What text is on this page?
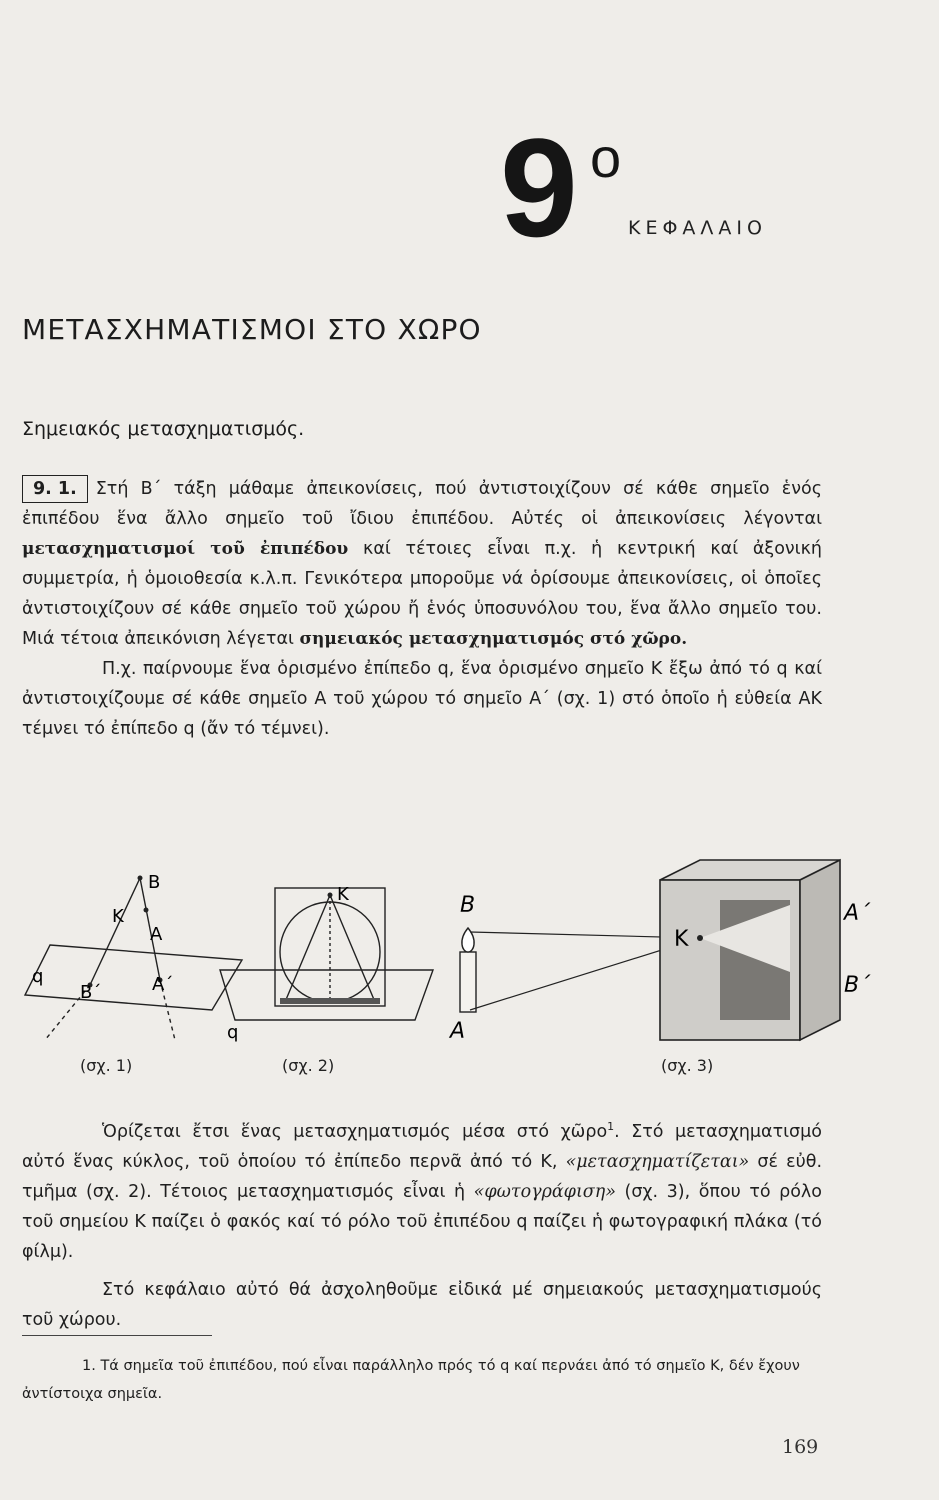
9 ο
ΚΕΦΑΛΑΙΟ
ΜΕΤΑΣΧΗΜΑΤΙΣΜΟΙ ΣΤΟ ΧΩΡΟ
Σημειακός μετασχηματισμός.

9. 1. Στή Β΄ τάξη μάθαμε ἀπεικονίσεις, πού ἀντιστοιχίζουν σέ κάθε σημεῖο ἑνός ἐπιπέδου ἕνα ἄλλο σημεῖο τοῦ ἴδιου ἐπιπέδου. Αὐτές οἱ ἀπεικονίσεις λέγονται μετασχηματισμοί τοῦ ἐπιπέδου καί τέτοιες εἶναι π.χ. ἡ κεντρική καί ἀξονική συμμετρία, ἡ ὁμοιοθεσία κ.λ.π. Γενικότερα μποροῦμε νά ὁρίσουμε ἀπεικονίσεις, οἱ ὁποῖες ἀντιστοιχίζουν σέ κάθε σημεῖο τοῦ χώρου ἤ ἑνός ὑποσυνόλου του, ἕνα ἄλλο σημεῖο του. Μιά τέτοια ἀπεικόνιση λέγεται σημειακός μετασχηματισμός στό χῶρο.

Π.χ. παίρνουμε ἕνα ὁρισμένο ἐπίπεδο q, ἕνα ὁρισμένο σημεῖο Κ ἔξω ἀπό τό q καί ἀντιστοιχίζουμε σέ κάθε σημεῖο Α τοῦ χώρου τό σημεῖο Α΄ (σχ. 1) στό ὁποῖο ἡ εὐθεία ΑΚ τέμνει τό ἐπίπεδο q (ἄν τό τέμνει).

Β
Κ
Α
q
Β΄	Α΄
(σχ. 1)
Κ
q
(σχ. 2)
Β
Α
Κ
Α΄
Β΄
(σχ. 3)

Ὁρίζεται ἔτσι ἕνας μετασχηματισμός μέσα στό χῶρο$^1$. Στό μετασχηματισμό αὐτό ἕνας κύκλος, τοῦ ὁποίου τό ἐπίπεδο περνᾶ ἀπό τό Κ, «μετασχηματίζεται» σέ εὐθ. τμῆμα (σχ. 2). Τέτοιος μετασχηματισμός εἶναι ἡ «φωτογράφιση» (σχ. 3), ὅπου τό ρόλο τοῦ σημείου Κ παίζει ὁ φακός καί τό ρόλο τοῦ ἐπιπέδου q παίζει ἡ φωτογραφική πλάκα (τό φίλμ).

Στό κεφάλαιο αὐτό θά ἀσχοληθοῦμε εἰδικά μέ σημειακούς μετασχηματισμούς τοῦ χώρου.

1. Τά σημεῖα τοῦ ἐπιπέδου, πού εἶναι παράλληλο πρός τό q καί περνάει ἀπό τό σημεῖο Κ, δέν ἔχουν ἀντίστοιχα σημεῖα.

169
